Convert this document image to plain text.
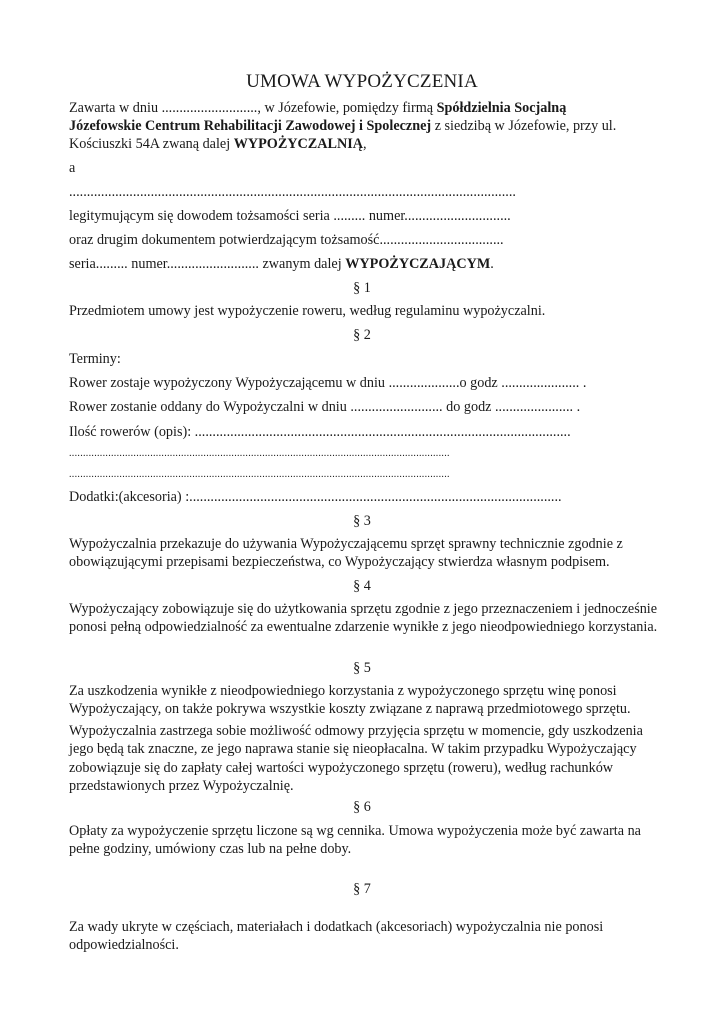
UMOWA WYPOŻYCZENIA
Zawarta w dniu ..........................., w Józefowie, pomiędzy firmą Spółdzielnia Socjalną
Józefowskie Centrum Rehabilitacji Zawodowej i Spolecznej z siedzibą w Józefowie, przy ul.
Kościuszki 54A zwaną dalej WYPOŻYCZALNIĄ,
a
..............................................................................................................................
legitymującym się dowodem tożsamości seria ......... numer..............................
oraz drugim dokumentem potwierdzającym tożsamość...................................
seria......... numer.......................... zwanym dalej WYPOŻYCZAJĄCYM.
§ 1
Przedmiotem umowy jest wypożyczenie roweru, według regulaminu wypożyczalni.
§ 2
Terminy:
Rower zostaje wypożyczony Wypożyczającemu w dniu ....................o godz ...................... .
Rower zostanie oddany do Wypożyczalni w dniu .......................... do godz ...................... .
Ilość rowerów (opis): ..........................................................................................................
........................................................................................................................................
........................................................................................................................................
Dodatki:(akcesoria) :.........................................................................................................
§ 3
Wypożyczalnia przekazuje do używania Wypożyczającemu sprzęt sprawny technicznie zgodnie z obowiązującymi przepisami bezpieczeństwa, co Wypożyczający stwierdza własnym podpisem.
§ 4
Wypożyczający zobowiązuje się do użytkowania sprzętu zgodnie z jego przeznaczeniem i jednocześnie ponosi pełną odpowiedzialność za ewentualne zdarzenie wynikłe z jego nieodpowiedniego korzystania.
§ 5
Za uszkodzenia wynikłe z nieodpowiedniego korzystania z wypożyczonego sprzętu winę ponosi Wypożyczający, on także pokrywa wszystkie koszty związane z naprawą przedmiotowego sprzętu.
Wypożyczalnia zastrzega sobie możliwość odmowy przyjęcia sprzętu w momencie, gdy uszkodzenia jego będą tak znaczne, ze jego naprawa stanie się nieopłacalna. W takim przypadku Wypożyczający zobowiązuje się do zapłaty całej wartości wypożyczonego sprzętu (roweru), według rachunków przedstawionych przez Wypożyczalnię.
§ 6
Opłaty za wypożyczenie sprzętu liczone są wg cennika. Umowa wypożyczenia może być zawarta na pełne godziny, umówiony czas lub na pełne doby.
§ 7
Za wady ukryte w częściach, materiałach i dodatkach (akcesoriach) wypożyczalnia nie ponosi odpowiedzialności.
